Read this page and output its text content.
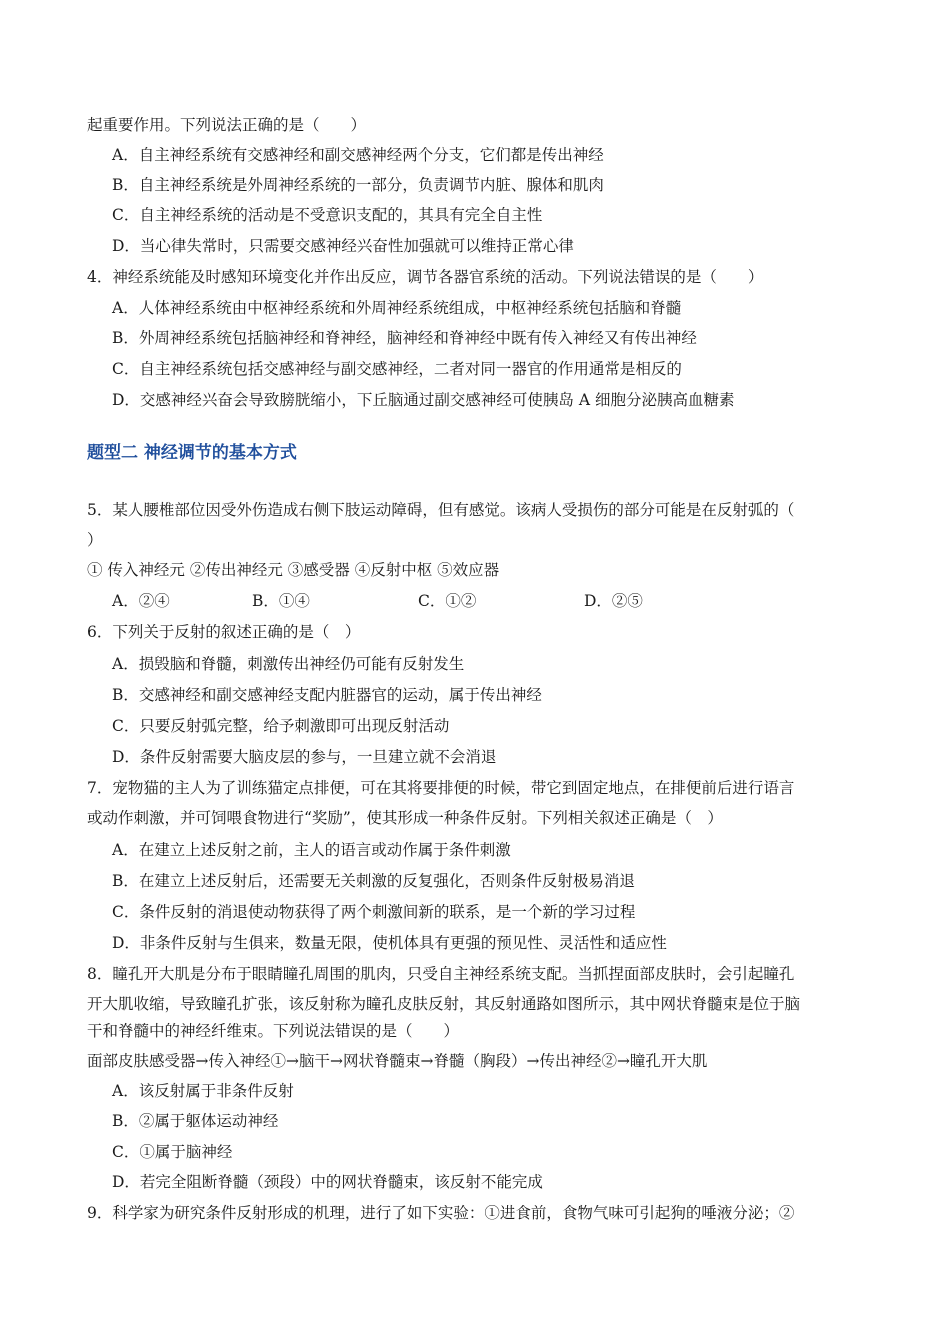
起重要作用。下列说法正确的是（　　）
A．自主神经系统有交感神经和副交感神经两个分支，它们都是传出神经
B．自主神经系统是外周神经系统的一部分，负责调节内脏、腺体和肌肉
C．自主神经系统的活动是不受意识支配的，其具有完全自主性
D．当心律失常时，只需要交感神经兴奋性加强就可以维持正常心律
4．神经系统能及时感知环境变化并作出反应，调节各器官系统的活动。下列说法错误的是（　　）
A．人体神经系统由中枢神经系统和外周神经系统组成，中枢神经系统包括脑和脊髓
B．外周神经系统包括脑神经和脊神经，脑神经和脊神经中既有传入神经又有传出神经
C．自主神经系统包括交感神经与副交感神经，二者对同一器官的作用通常是相反的
D．交感神经兴奋会导致膀胱缩小，下丘脑通过副交感神经可使胰岛 A 细胞分泌胰高血糖素
题型二 神经调节的基本方式
5．某人腰椎部位因受外伤造成右侧下肢运动障碍，但有感觉。该病人受损伤的部分可能是在反射弧的（
）
① 传入神经元 ②传出神经元 ③感受器 ④反射中枢 ⑤效应器
A．②④	B．①④	C．①②	D．②⑤
6．下列关于反射的叙述正确的是（　）
A．损毁脑和脊髓，刺激传出神经仍可能有反射发生
B．交感神经和副交感神经支配内脏器官的运动，属于传出神经
C．只要反射弧完整，给予刺激即可出现反射活动
D．条件反射需要大脑皮层的参与，一旦建立就不会消退
7．宠物猫的主人为了训练猫定点排便，可在其将要排便的时候，带它到固定地点，在排便前后进行语言
或动作刺激，并可饲喂食物进行“奖励”，使其形成一种条件反射。下列相关叙述正确是（　）
A．在建立上述反射之前，主人的语言或动作属于条件刺激
B．在建立上述反射后，还需要无关刺激的反复强化，否则条件反射极易消退
C．条件反射的消退使动物获得了两个刺激间新的联系，是一个新的学习过程
D．非条件反射与生俱来，数量无限，使机体具有更强的预见性、灵活性和适应性
8．瞳孔开大肌是分布于眼睛瞳孔周围的肌肉，只受自主神经系统支配。当抓捏面部皮肤时，会引起瞳孔
开大肌收缩，导致瞳孔扩张，该反射称为瞳孔皮肤反射，其反射通路如图所示，其中网状脊髓束是位于脑
干和脊髓中的神经纤维束。下列说法错误的是（　　）
面部皮肤感受器→传入神经①→脑干→网状脊髓束→脊髓（胸段）→传出神经②→瞳孔开大肌
A．该反射属于非条件反射
B．②属于躯体运动神经
C．①属于脑神经
D．若完全阻断脊髓（颈段）中的网状脊髓束，该反射不能完成
9．科学家为研究条件反射形成的机理，进行了如下实验：①进食前，食物气味可引起狗的唾液分泌；②
